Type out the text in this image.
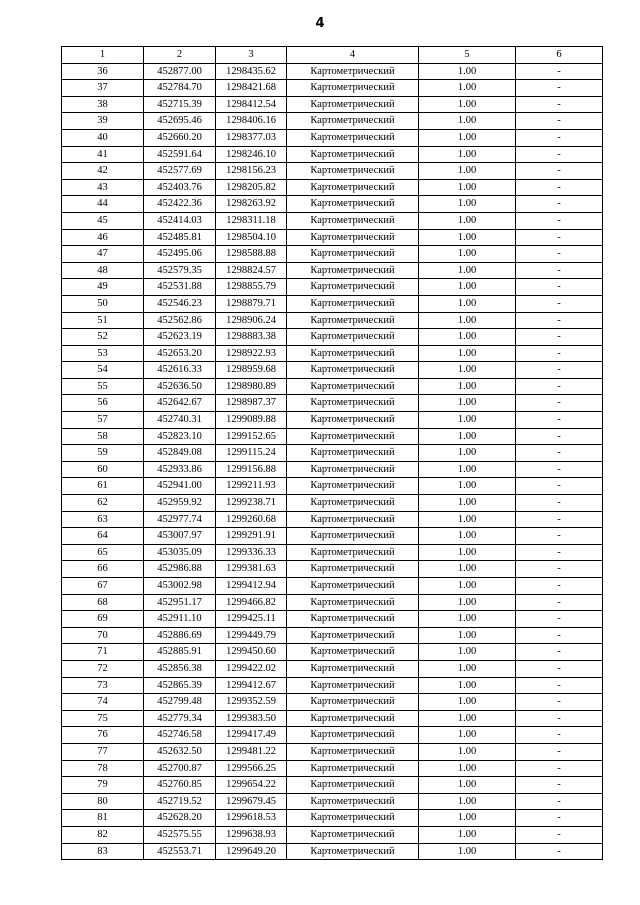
4
1	2	3	4	5	6
36	452877.00	1298435.62	Картометрический	1.00	-
37	452784.70	1298421.68	Картометрический	1.00	-
38	452715.39	1298412.54	Картометрический	1.00	-
39	452695.46	1298406.16	Картометрический	1.00	-
40	452660.20	1298377.03	Картометрический	1.00	-
41	452591.64	1298246.10	Картометрический	1.00	-
42	452577.69	1298156.23	Картометрический	1.00	-
43	452403.76	1298205.82	Картометрический	1.00	-
44	452422.36	1298263.92	Картометрический	1.00	-
45	452414.03	1298311.18	Картометрический	1.00	-
46	452485.81	1298504.10	Картометрический	1.00	-
47	452495.06	1298588.88	Картометрический	1.00	-
48	452579.35	1298824.57	Картометрический	1.00	-
49	452531.88	1298855.79	Картометрический	1.00	-
50	452546.23	1298879.71	Картометрический	1.00	-
51	452562.86	1298906.24	Картометрический	1.00	-
52	452623.19	1298883.38	Картометрический	1.00	-
53	452653.20	1298922.93	Картометрический	1.00	-
54	452616.33	1298959.68	Картометрический	1.00	-
55	452636.50	1298980.89	Картометрический	1.00	-
56	452642.67	1298987.37	Картометрический	1.00	-
57	452740.31	1299089.88	Картометрический	1.00	-
58	452823.10	1299152.65	Картометрический	1.00	-
59	452849.08	1299115.24	Картометрический	1.00	-
60	452933.86	1299156.88	Картометрический	1.00	-
61	452941.00	1299211.93	Картометрический	1.00	-
62	452959.92	1299238.71	Картометрический	1.00	-
63	452977.74	1299260.68	Картометрический	1.00	-
64	453007.97	1299291.91	Картометрический	1.00	-
65	453035.09	1299336.33	Картометрический	1.00	-
66	452986.88	1299381.63	Картометрический	1.00	-
67	453002.98	1299412.94	Картометрический	1.00	-
68	452951.17	1299466.82	Картометрический	1.00	-
69	452911.10	1299425.11	Картометрический	1.00	-
70	452886.69	1299449.79	Картометрический	1.00	-
71	452885.91	1299450.60	Картометрический	1.00	-
72	452856.38	1299422.02	Картометрический	1.00	-
73	452865.39	1299412.67	Картометрический	1.00	-
74	452799.48	1299352.59	Картометрический	1.00	-
75	452779.34	1299383.50	Картометрический	1.00	-
76	452746.58	1299417.49	Картометрический	1.00	-
77	452632.50	1299481.22	Картометрический	1.00	-
78	452700.87	1299566.25	Картометрический	1.00	-
79	452760.85	1299654.22	Картометрический	1.00	-
80	452719.52	1299679.45	Картометрический	1.00	-
81	452628.20	1299618.53	Картометрический	1.00	-
82	452575.55	1299638.93	Картометрический	1.00	-
83	452553.71	1299649.20	Картометрический	1.00	-
